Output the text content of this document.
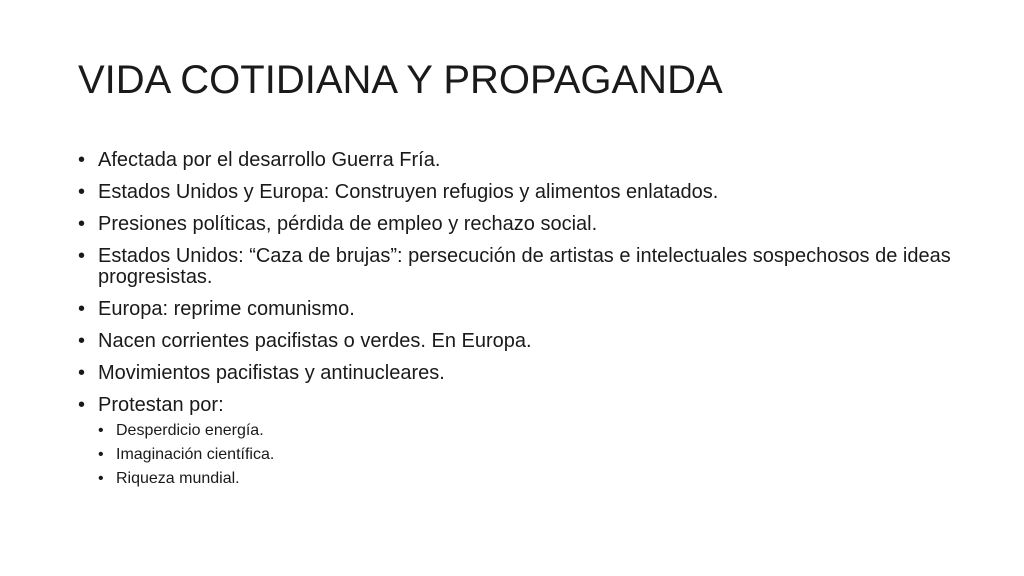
VIDA COTIDIANA Y PROPAGANDA
• Afectada por el desarrollo Guerra Fría.
• Estados Unidos y Europa: Construyen refugios y alimentos enlatados.
• Presiones políticas, pérdida de empleo y rechazo social.
• Estados Unidos: “Caza de brujas”: persecución de artistas e intelectuales sospechosos de ideas progresistas.
• Europa: reprime comunismo.
• Nacen corrientes pacifistas o verdes. En Europa.
• Movimientos pacifistas y antinucleares.
• Protestan por:
• Desperdicio energía.
• Imaginación científica.
• Riqueza mundial.
